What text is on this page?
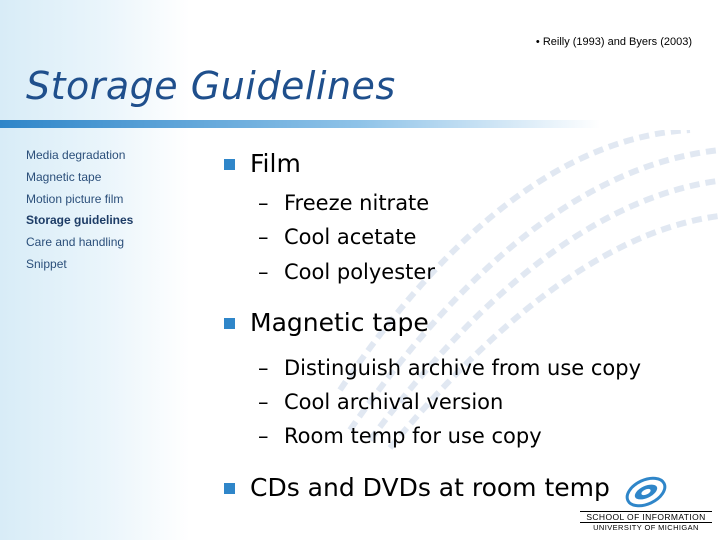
• Reilly (1993) and Byers (2003)
Storage Guidelines
Media degradation
Magnetic tape
Motion picture film
Storage guidelines
Care and handling
Snippet
Film
– Freeze nitrate
– Cool acetate
– Cool polyester
Magnetic tape
– Distinguish archive from use copy
– Cool archival version
– Room temp for use copy
CDs and DVDs at room temp
SCHOOL OF INFORMATION
UNIVERSITY OF MICHIGAN
